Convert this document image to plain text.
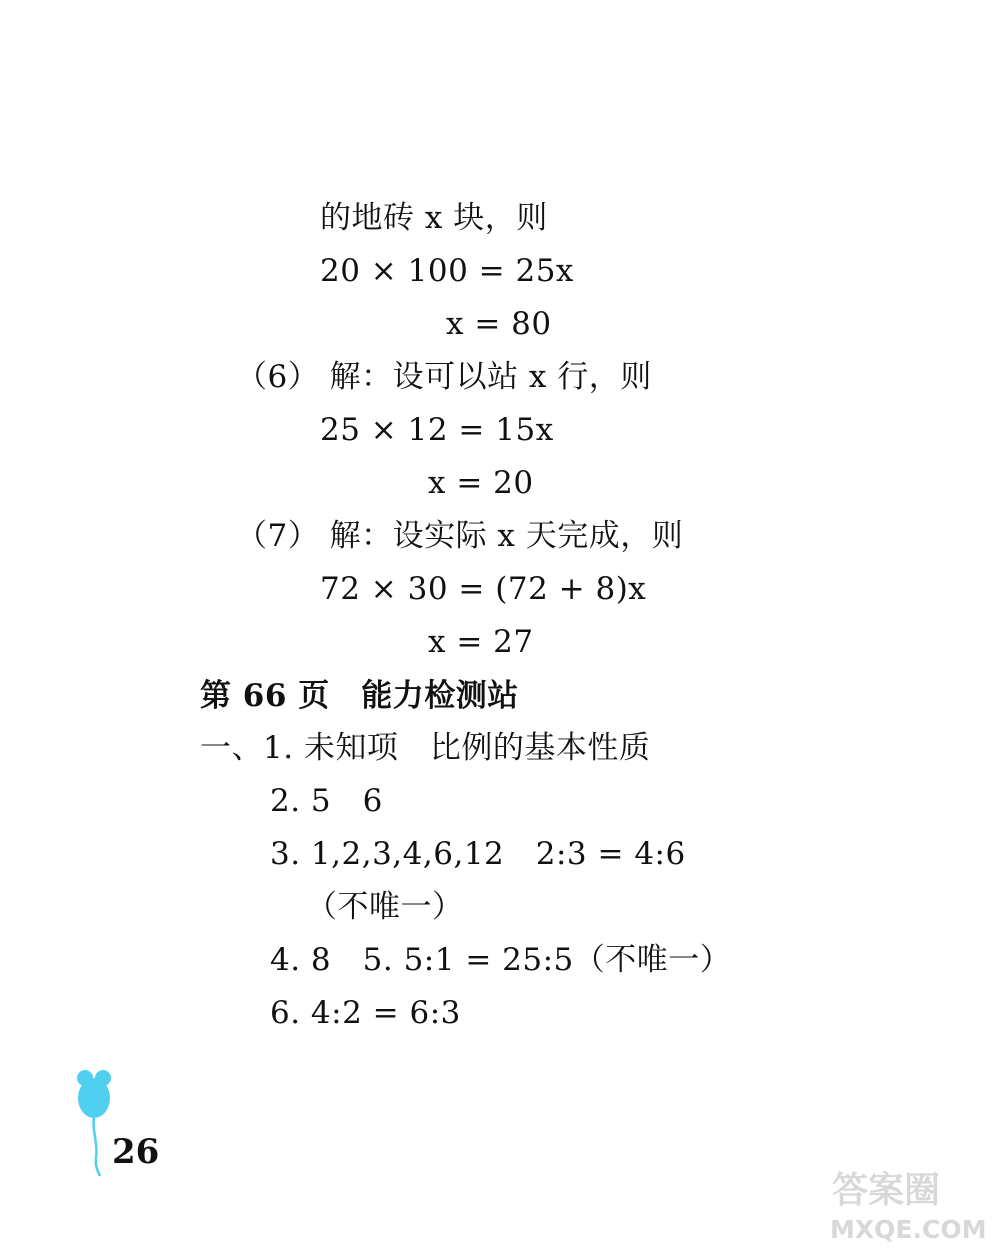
的地砖 x 块，则
20 × 100 = 25x
x = 80
（6） 解：设可以站 x 行，则
25 × 12 = 15x
x = 20
（7） 解：设实际 x 天完成，则
72 × 30 = (72 + 8)x
x = 27
第 66 页　能力检测站
一、1. 未知项　比例的基本性质
2. 5　6
3. 1,2,3,4,6,12　2:3 = 4:6
（不唯一）
4. 8　5. 5:1 = 25:5（不唯一）
6. 4:2 = 6:3
26
答案圈
MXQE.COM
